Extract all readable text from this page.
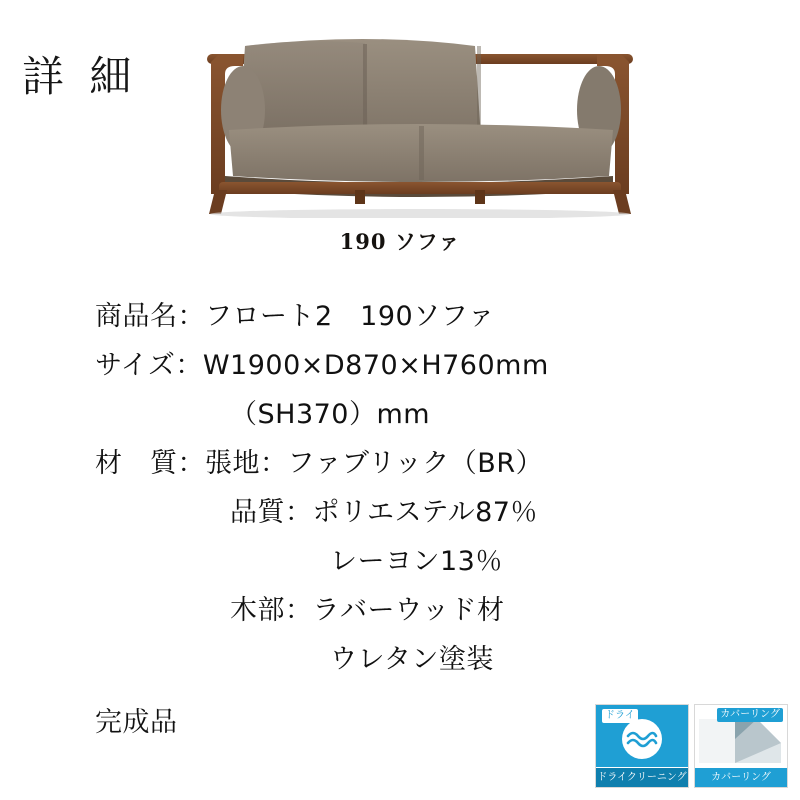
詳 細
190 ソファ
商品名：フロート2　190ソファ
サイズ：W1900×D870×H760mm
（SH370）mm
材　質：張地：ファブリック（BR）
品質：ポリエステル87％
レーヨン13％
木部：ラバーウッド材
ウレタン塗装
完成品	ドライ
ドライクリーニング
カバーリング
カバーリング
